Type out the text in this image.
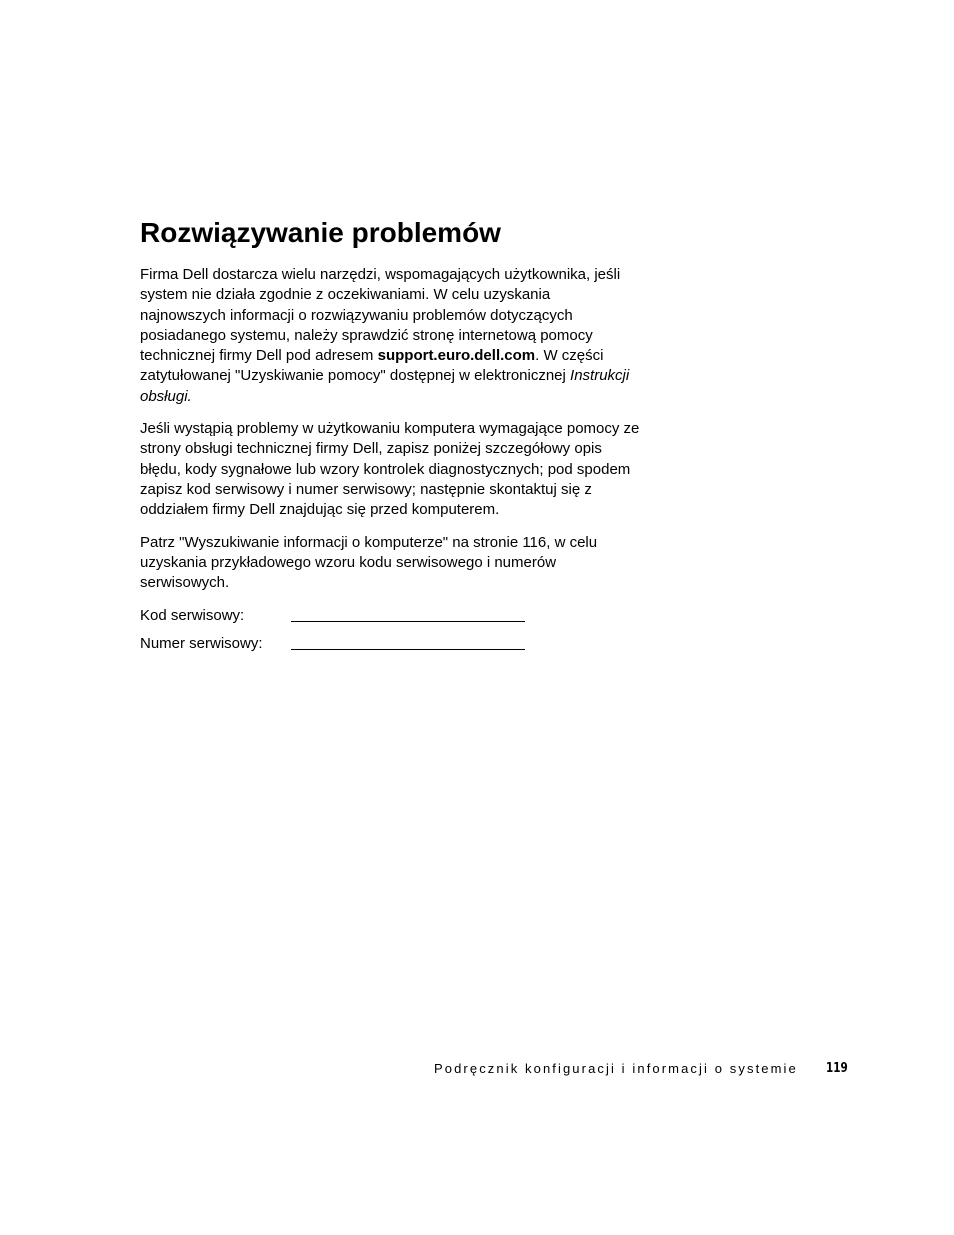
Rozwiązywanie problemów

Firma Dell dostarcza wielu narzędzi, wspomagających użytkownika, jeśli system nie działa zgodnie z oczekiwaniami. W celu uzyskania najnowszych informacji o rozwiązywaniu problemów dotyczących posiadanego systemu, należy sprawdzić stronę internetową pomocy technicznej firmy Dell pod adresem support.euro.dell.com. W części zatytułowanej "Uzyskiwanie pomocy" dostępnej w elektronicznej Instrukcji obsługi.

Jeśli wystąpią problemy w użytkowaniu komputera wymagające pomocy ze strony obsługi technicznej firmy Dell, zapisz poniżej szczegółowy opis błędu, kody sygnałowe lub wzory kontrolek diagnostycznych; pod spodem zapisz kod serwisowy i numer serwisowy; następnie skontaktuj się z oddziałem firmy Dell znajdując się przed komputerem.

Patrz "Wyszukiwanie informacji o komputerze" na stronie 116, w celu uzyskania przykładowego wzoru kodu serwisowego i numerów serwisowych.

Kod serwisowy:
Numer serwisowy:
Podręcznik konfiguracji i informacji o systemie 119
